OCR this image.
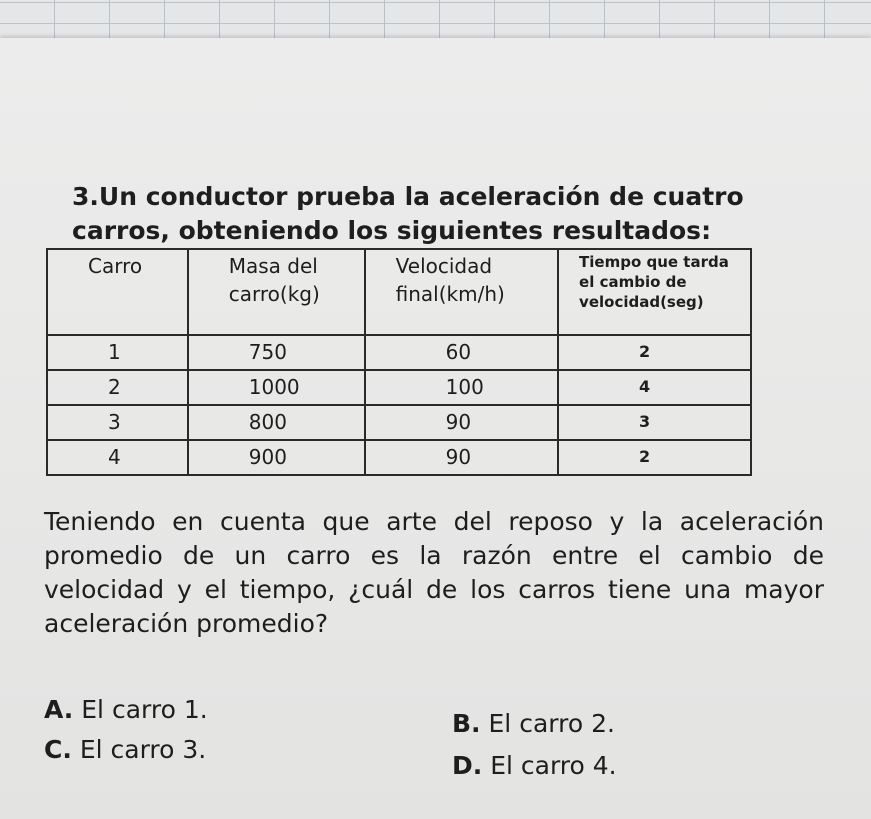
3.Un conductor prueba la aceleración de cuatro
carros, obteniendo los siguientes resultados:
Carro	Masa del carro(kg)	Velocidad final(km/h)	Tiempo que tarda el cambio de velocidad(seg)
1	750	60	2
2	1000	100	4
3	800	90	3
4	900	90	2

Teniendo en cuenta que arte del reposo y la aceleración promedio de un carro es la razón entre el cambio de velocidad y el tiempo, ¿cuál de los carros tiene una mayor aceleración promedio?

A. El carro 1.	B. El carro 2.
C. El carro 3.
D. El carro 4.
